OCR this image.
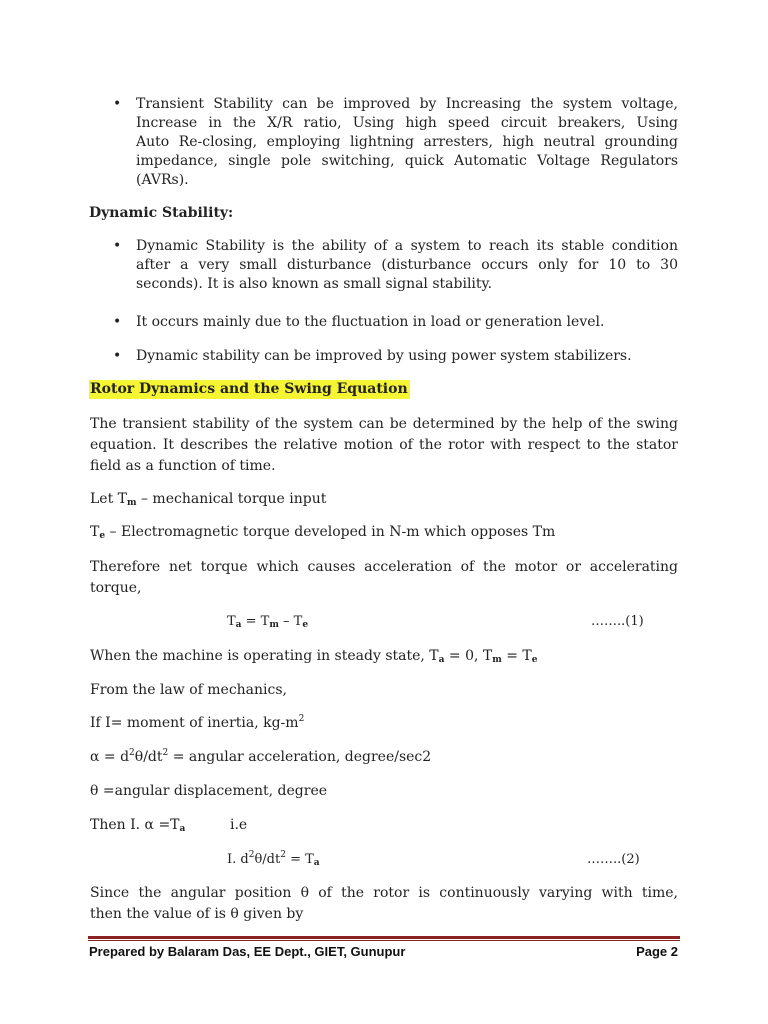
• Transient Stability can be improved by Increasing the system voltage,
Increase in the X/R ratio, Using high speed circuit breakers, Using
Auto Re-closing, employing lightning arresters, high neutral grounding
impedance, single pole switching, quick Automatic Voltage Regulators
(AVRs).
Dynamic Stability:
• Dynamic Stability is the ability of a system to reach its stable condition
after a very small disturbance (disturbance occurs only for 10 to 30
seconds). It is also known as small signal stability.
• It occurs mainly due to the fluctuation in load or generation level.
• Dynamic stability can be improved by using power system stabilizers.
Rotor Dynamics and the Swing Equation
The transient stability of the system can be determined by the help of the swing
equation. It describes the relative motion of the rotor with respect to the stator
field as a function of time.
Let $T_m$ – mechanical torque input
$T_e$ – Electromagnetic torque developed in N-m which opposes Tm
Therefore net torque which causes acceleration of the motor or accelerating
torque,
$T_a = T_m - T_e$	……..(1)
When the machine is operating in steady state, $T_a = 0$, $T_m = T_e$
From the law of mechanics,
If I= moment of inertia, $kg-m^2$
$\alpha = d^2\theta/dt^2$ = angular acceleration, degree/sec2
θ =angular displacement, degree
Then I. $\alpha =T_a$	i.e
I. $d^2\theta/dt^2 = T_a$	……..(2)
Since the angular position θ of the rotor is continuously varying with time,
then the value of is θ given by
Prepared by Balaram Das, EE Dept., GIET, Gunupur	Page 2
